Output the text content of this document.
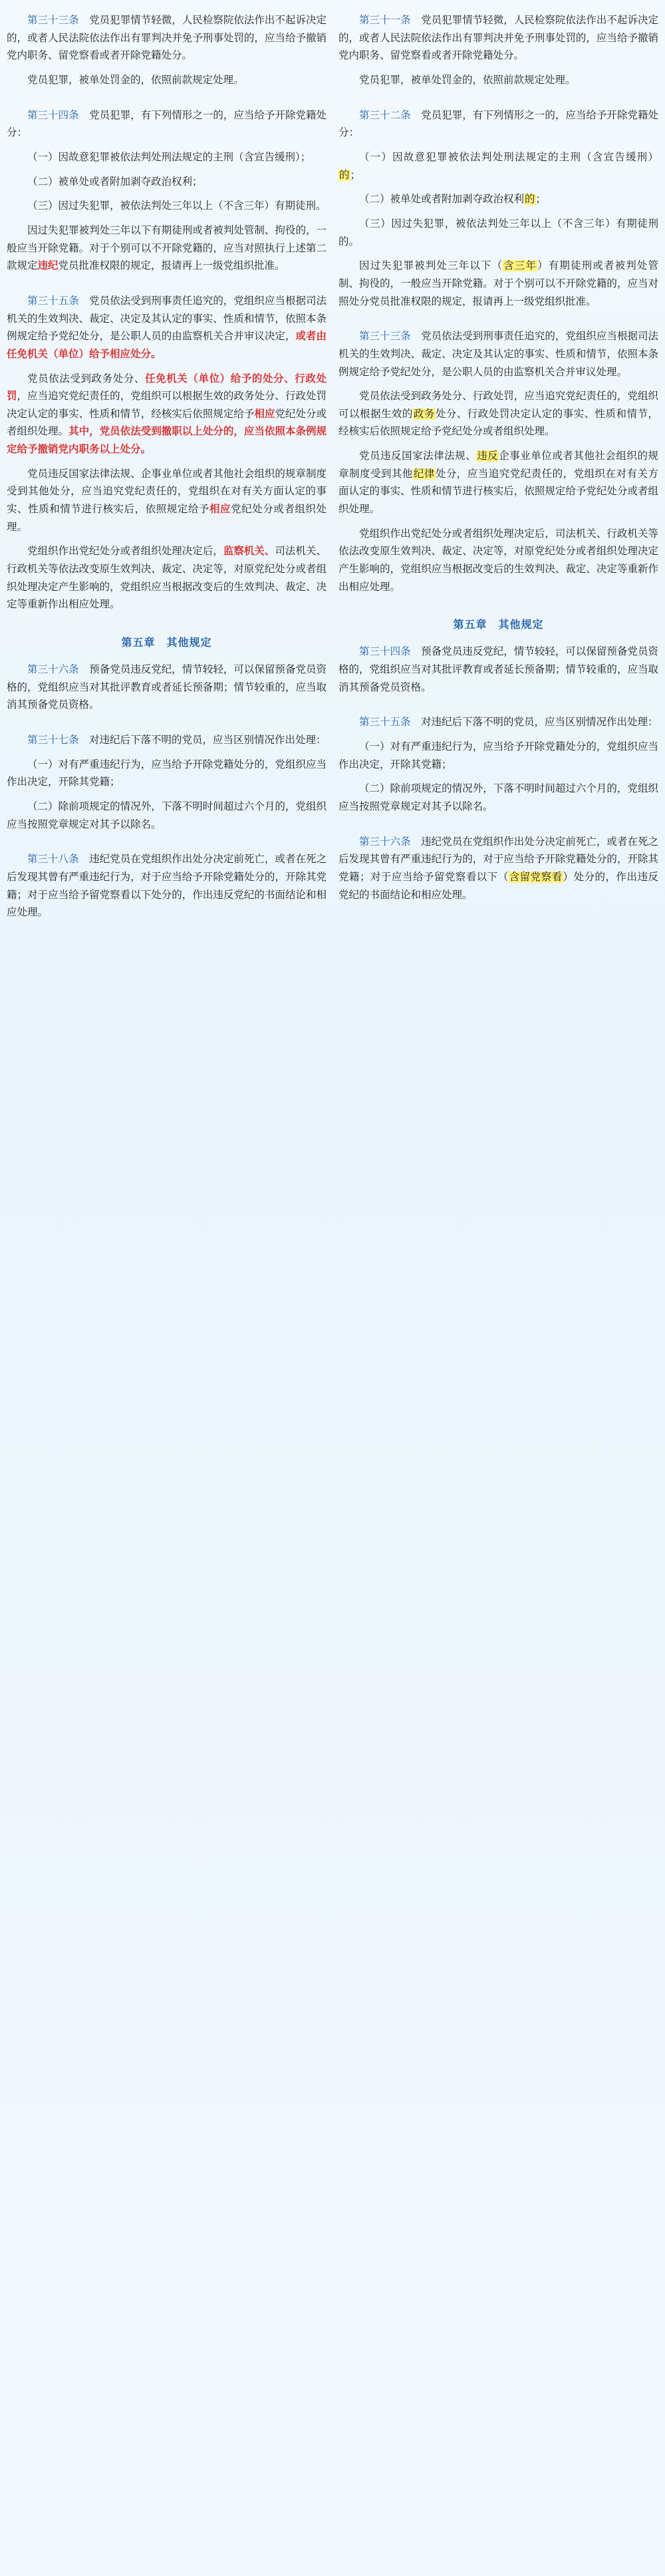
第三十三条　党员犯罪情节轻微，人民检察院依法作出不起诉决定的，或者人民法院依法作出有罪判决并免予刑事处罚的，应当给予撤销党内职务、留党察看或者开除党籍处分。

党员犯罪，被单处罚金的，依照前款规定处理。

第三十四条　党员犯罪，有下列情形之一的，应当给予开除党籍处分：

（一）因故意犯罪被依法判处刑法规定的主刑（含宣告缓刑）；

（二）被单处或者附加剥夺政治权利；

（三）因过失犯罪，被依法判处三年以上（不含三年）有期徒刑。

因过失犯罪被判处三年以下有期徒刑或者被判处管制、拘役的，一般应当开除党籍。对于个别可以不开除党籍的，应当对照执行上述第二款规定违纪党员批准权限的规定，报请再上一级党组织批准。

第三十五条　党员依法受到刑事责任追究的，党组织应当根据司法机关的生效判决、裁定、决定及其认定的事实、性质和情节，依照本条例规定给予党纪处分，是公职人员的由监察机关合并审议决定，或者由任免机关（单位）给予相应处分。

党员依法受到政务处分、任免机关（单位）给予的处分、行政处罚，应当追究党纪责任的，党组织可以根据生效的政务处分、行政处罚决定认定的事实、性质和情节，经核实后依照规定给予相应党纪处分或者组织处理。其中，党员依法受到撤职以上处分的，应当依照本条例规定给予撤销党内职务以上处分。

党员违反国家法律法规、企事业单位或者其他社会组织的规章制度受到其他处分，应当追究党纪责任的，党组织在对有关方面认定的事实、性质和情节进行核实后，依照规定给予相应党纪处分或者组织处理。

党组织作出党纪处分或者组织处理决定后，监察机关、司法机关、行政机关等依法改变原生效判决、裁定、决定等，对原党纪处分或者组织处理决定产生影响的，党组织应当根据改变后的生效判决、裁定、决定等重新作出相应处理。

第五章　其他规定

第三十六条　预备党员违反党纪，情节较轻，可以保留预备党员资格的，党组织应当对其批评教育或者延长预备期；情节较重的，应当取消其预备党员资格。

第三十七条　对违纪后下落不明的党员，应当区别情况作出处理：

（一）对有严重违纪行为，应当给予开除党籍处分的，党组织应当作出决定，开除其党籍；

（二）除前项规定的情况外，下落不明时间超过六个月的，党组织应当按照党章规定对其予以除名。

第三十八条　违纪党员在党组织作出处分决定前死亡，或者在死之后发现其曾有严重违纪行为，对于应当给予开除党籍处分的，开除其党籍；对于应当给予留党察看以下处分的，作出违反党纪的书面结论和相应处理。

第三十一条　党员犯罪情节轻微，人民检察院依法作出不起诉决定的，或者人民法院依法作出有罪判决并免予刑事处罚的，应当给予撤销党内职务、留党察看或者开除党籍处分。

党员犯罪，被单处罚金的，依照前款规定处理。

第三十二条　党员犯罪，有下列情形之一的，应当给予开除党籍处分：

（一）因故意犯罪被依法判处刑法规定的主刑（含宣告缓刑）的；

（二）被单处或者附加剥夺政治权利的；

（三）因过失犯罪，被依法判处三年以上（不含三年）有期徒刑的。

因过失犯罪被判处三年以下（含三年）有期徒刑或者被判处管制、拘役的，一般应当开除党籍。对于个别可以不开除党籍的，应当对照处分党员批准权限的规定，报请再上一级党组织批准。

第三十三条　党员依法受到刑事责任追究的，党组织应当根据司法机关的生效判决、裁定、决定及其认定的事实、性质和情节，依照本条例规定给予党纪处分，是公职人员的由监察机关合并审议处理。

党员依法受到政务处分、行政处罚，应当追究党纪责任的，党组织可以根据生效的政务处分、行政处罚决定认定的事实、性质和情节，经核实后依照规定给予党纪处分或者组织处理。

党员违反国家法律法规、违反企事业单位或者其他社会组织的规章制度受到其他纪律处分，应当追究党纪责任的，党组织在对有关方面认定的事实、性质和情节进行核实后，依照规定给予党纪处分或者组织处理。

党组织作出党纪处分或者组织处理决定后，司法机关、行政机关等依法改变原生效判决、裁定、决定等，对原党纪处分或者组织处理决定产生影响的，党组织应当根据改变后的生效判决、裁定、决定等重新作出相应处理。

第五章　其他规定

第三十四条　预备党员违反党纪，情节较轻，可以保留预备党员资格的，党组织应当对其批评教育或者延长预备期；情节较重的，应当取消其预备党员资格。

第三十五条　对违纪后下落不明的党员，应当区别情况作出处理：

（一）对有严重违纪行为，应当给予开除党籍处分的，党组织应当作出决定，开除其党籍；

（二）除前项规定的情况外，下落不明时间超过六个月的，党组织应当按照党章规定对其予以除名。

第三十六条　违纪党员在党组织作出处分决定前死亡，或者在死之后发现其曾有严重违纪行为的，对于应当给予开除党籍处分的，开除其党籍；对于应当给予留党察看以下（含留党察看）处分的，作出违反党纪的书面结论和相应处理。
